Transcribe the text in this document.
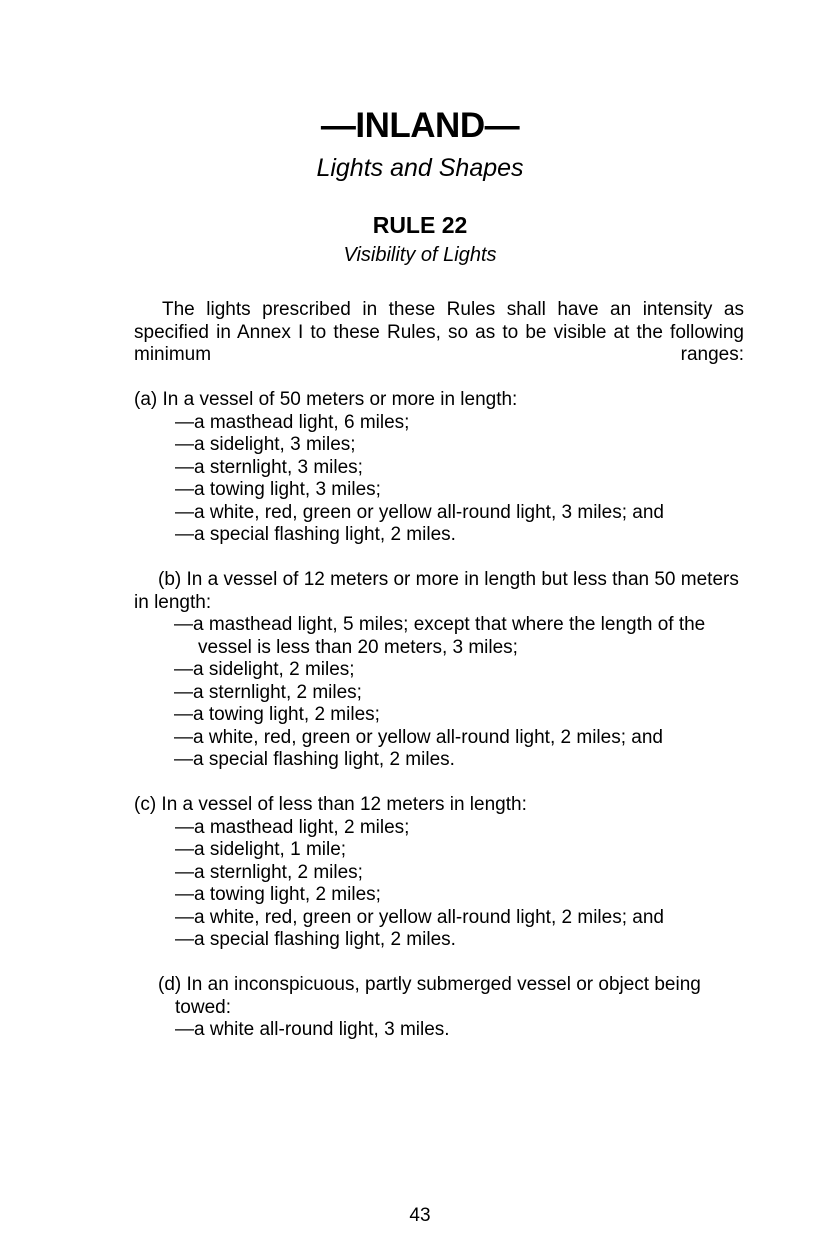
—INLAND—
Lights and Shapes
RULE 22
Visibility of Lights

The lights prescribed in these Rules shall have an intensity as specified in Annex I to these Rules, so as to be visible at the following minimum ranges:

(a) In a vessel of 50 meters or more in length:
—a masthead light, 6 miles;
—a sidelight, 3 miles;
—a sternlight, 3 miles;
—a towing light, 3 miles;
—a white, red, green or yellow all-round light, 3 miles; and
—a special flashing light, 2 miles.
(b) In a vessel of 12 meters or more in length but less than 50 meters in length:
—a masthead light, 5 miles; except that where the length of the vessel is less than 20 meters, 3 miles;
—a sidelight, 2 miles;
—a sternlight, 2 miles;
—a towing light, 2 miles;
—a white, red, green or yellow all-round light, 2 miles; and
—a special flashing light, 2 miles.
(c) In a vessel of less than 12 meters in length:
—a masthead light, 2 miles;
—a sidelight, 1 mile;
—a sternlight, 2 miles;
—a towing light, 2 miles;
—a white, red, green or yellow all-round light, 2 miles; and
—a special flashing light, 2 miles.
(d) In an inconspicuous, partly submerged vessel or object being towed:
—a white all-round light, 3 miles.
43
